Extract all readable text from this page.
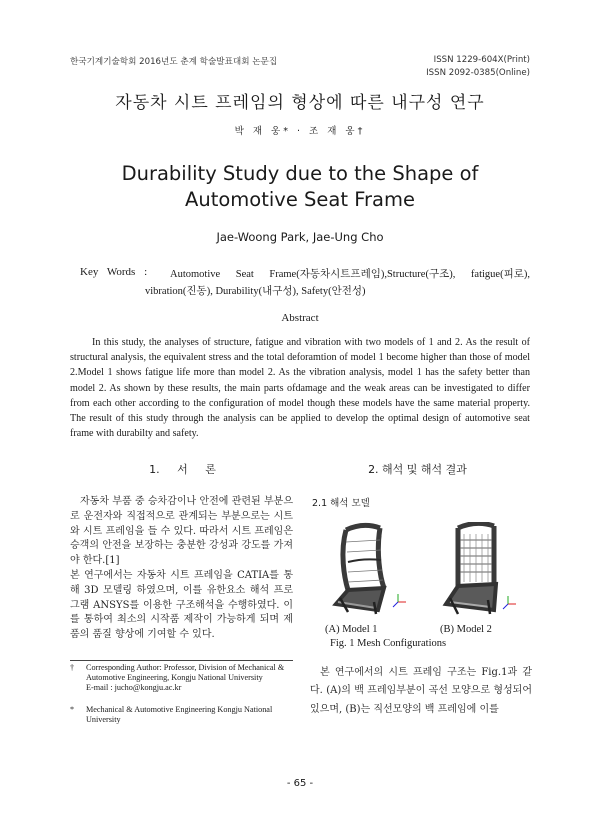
한국기계기술학회 2016년도 춘계 학술발표대회 논문집	ISSN 1229-604X(Print)
ISSN 2092-0385(Online)
자동차 시트 프레임의 형상에 따른 내구성 연구
박 재 웅* · 조 재 웅†
Durability Study due to the Shape of Automotive Seat Frame
Jae-Woong Park, Jae-Ung Cho
Key Words : Automotive Seat Frame(자동차시트프레임),Structure(구조), fatigue(피로),
vibration(진동), Durability(내구성), Safety(안전성)
Abstract
In this study, the analyses of structure, fatigue and vibration with two models of 1 and 2. As the result of structural analysis, the equivalent stress and the total deforamtion of model 1 become higher than those of model 2.Model 1 shows fatigue life more than model 2. As the vibration analysis, model 1 has the safety better than model 2. As shown by these results, the main parts ofdamage and the weak areas can be investigated to differ from each other according to the configuration of model though these models have the same material property. The result of this study through the analysis can be applied to develop the optimal design of automotive seat frame with durabilty and safety.
1. 서 론	2. 해석 및 해석 결과

자동차 부품 중 승차감이나 안전에 관련된 부분으로 운전자와 직접적으로 관계되는 부분으로는 시트와 시트 프레임을 들 수 있다. 따라서 시트 프레임은 승객의 안전을 보장하는 충분한 강성과 강도를 가져야 한다.[1]

본 연구에서는 자동차 시트 프레임을 CATIA를 통해 3D 모델링 하였으며, 이를 유한요소 해석 프로그램 ANSYS를 이용한 구조해석을 수행하였다. 이를 통하여 최소의 시작품 제작이 가능하게 되며 제품의 품질 향상에 기여할 수 있다.

2.1 해석 모델
(A) Model 1	(B) Model 2
Fig. 1 Mesh Configurations
†	Corresponding Author: Professor, Division of Mechanical & Automotive Engineering, Kongju National University
E-mail : jucho@kongju.ac.kr
*	Mechanical & Automotive Engineering Kongju National University

본 연구에서의 시트 프레임 구조는 Fig.1과 같다. (A)의 백 프레임부분이 곡선 모양으로 형성되어있으며, (B)는 직선모양의 백 프레임에 이를

- 65 -
